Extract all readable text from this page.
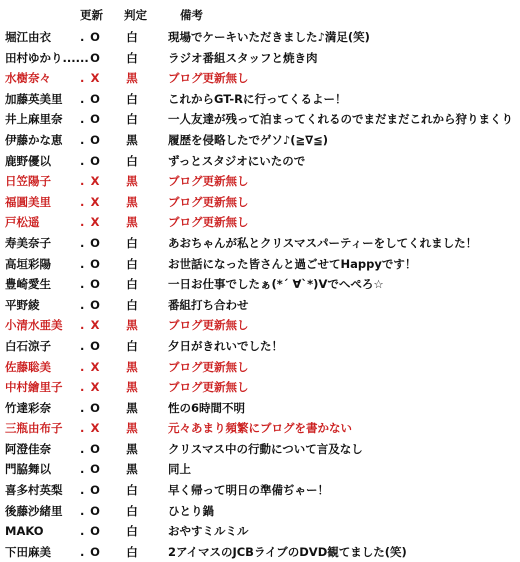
更新 判定	備考
堀江由衣	. O 白	現場でケーキいただきました♪満足(笑)
田村ゆかり...... O 白	ラジオ番組スタッフと焼き肉
水樹奈々	. X 黒	ブログ更新無し
加藤英美里 . O 白	これからGT-Rに行ってくるよー！
井上麻里奈 . O 白	一人友達が残って泊まってくれるのでまだまだこれから狩りまくり
伊藤かな恵 . O 黒	履歴を侵略したでゲソ♪(≧∇≦)
鹿野優以	. O 白	ずっとスタジオにいたので
日笠陽子	. X 黒	ブログ更新無し
福圓美里	. X 黒	ブログ更新無し
戸松遥	. X 黒	ブログ更新無し
寿美奈子	. O 白	あおちゃんが私とクリスマスパーティーをしてくれました！
高垣彩陽	. O 白	お世話になった皆さんと過ごせてHappyです！
豊崎愛生	. O 白	一日お仕事でしたぁ(*´ ∀`*)Vでへぺろ☆
平野綾	. O 白	番組打ち合わせ
小清水亜美 . X 黒	ブログ更新無し
白石涼子	. O 白	夕日がきれいでした！
佐藤聡美	. X 黒	ブログ更新無し
中村繪里子 . X 黒	ブログ更新無し
竹達彩奈	. O 黒	性の6時間不明
三瓶由布子 . X 黒	元々あまり頻繁にブログを書かない
阿澄佳奈	. O 黒	クリスマス中の行動について言及なし
門脇舞以	. O 黒	同上
喜多村英梨 . O 白	早く帰って明日の準備ぢゃー！
後藤沙緒里 . O 白	ひとり鍋
MAKO	. O 白	おやすミルミル
下田麻美	. O 白	2アイマスのJCBライブのDVD観てました(笑)
